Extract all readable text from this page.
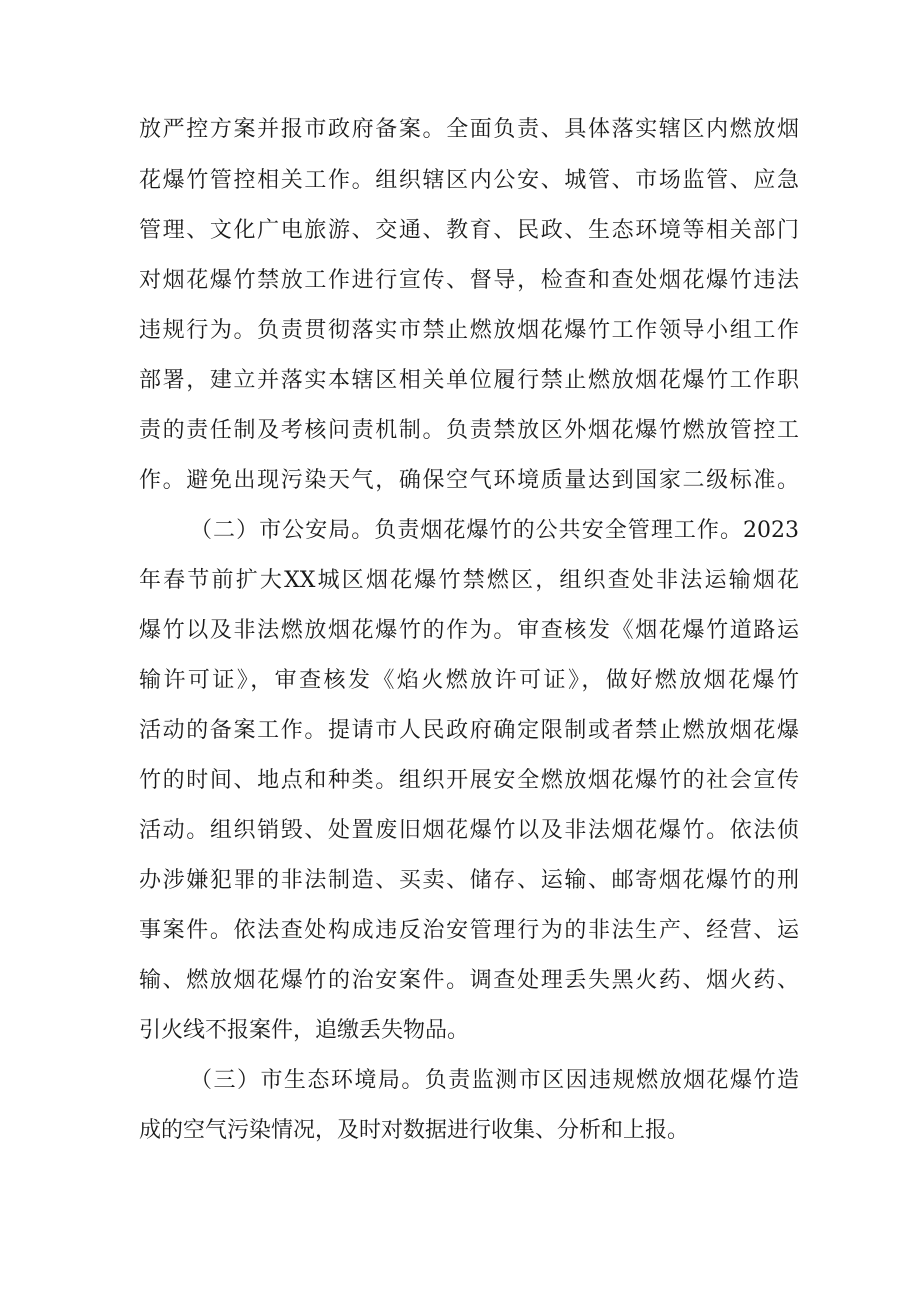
放严控方案并报市政府备案。全面负责、具体落实辖区内燃放烟
花爆竹管控相关工作。组织辖区内公安、城管、市场监管、应急
管理、文化广电旅游、交通、教育、民政、生态环境等相关部门
对烟花爆竹禁放工作进行宣传、督导，检查和查处烟花爆竹违法
违规行为。负责贯彻落实市禁止燃放烟花爆竹工作领导小组工作
部署，建立并落实本辖区相关单位履行禁止燃放烟花爆竹工作职
责的责任制及考核问责机制。负责禁放区外烟花爆竹燃放管控工
作。避免出现污染天气，确保空气环境质量达到国家二级标准。
（二）市公安局。负责烟花爆竹的公共安全管理工作。2023
年春节前扩大XX城区烟花爆竹禁燃区，组织查处非法运输烟花
爆竹以及非法燃放烟花爆竹的作为。审查核发《烟花爆竹道路运
输许可证》，审查核发《焰火燃放许可证》，做好燃放烟花爆竹
活动的备案工作。提请市人民政府确定限制或者禁止燃放烟花爆
竹的时间、地点和种类。组织开展安全燃放烟花爆竹的社会宣传
活动。组织销毁、处置废旧烟花爆竹以及非法烟花爆竹。依法侦
办涉嫌犯罪的非法制造、买卖、储存、运输、邮寄烟花爆竹的刑
事案件。依法查处构成违反治安管理行为的非法生产、经营、运
输、燃放烟花爆竹的治安案件。调查处理丢失黑火药、烟火药、
引火线不报案件，追缴丢失物品。
（三）市生态环境局。负责监测市区因违规燃放烟花爆竹造
成的空气污染情况，及时对数据进行收集、分析和上报。
